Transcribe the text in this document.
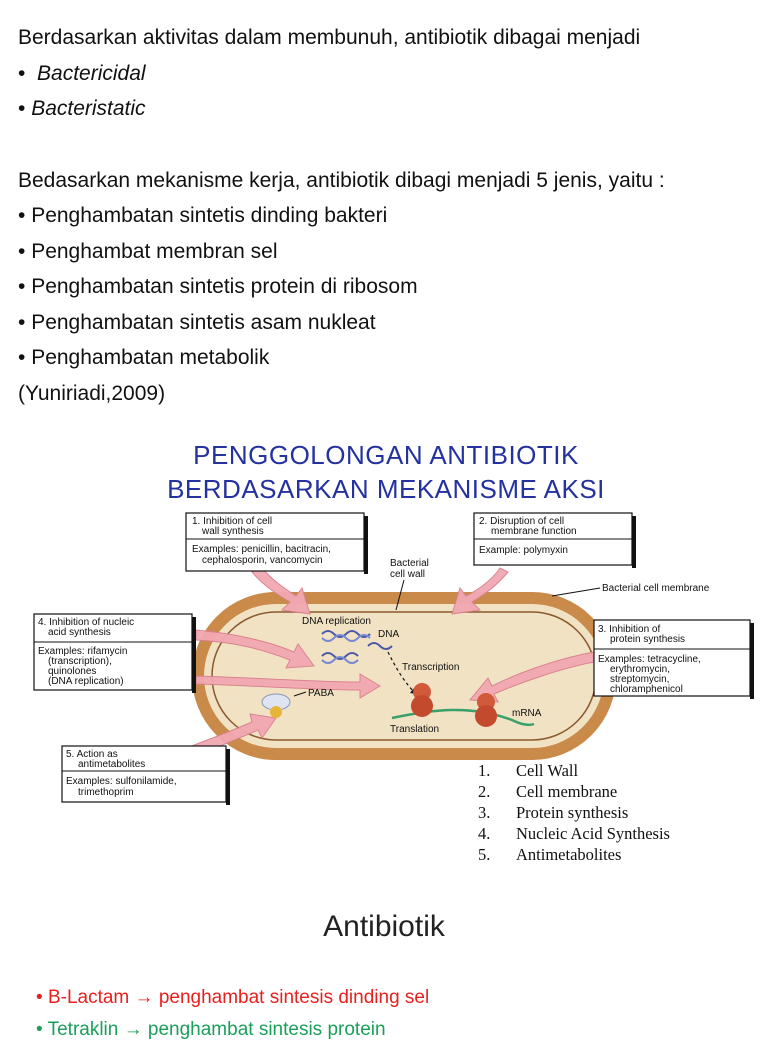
Berdasarkan aktivitas dalam membunuh, antibiotik dibagai menjadi
•  Bactericidal
• Bacteristatic
Bedasarkan mekanisme kerja, antibiotik dibagi menjadi 5 jenis, yaitu :
• Penghambatan sintetis dinding bakteri
• Penghambat membran sel
• Penghambatan sintetis protein di ribosom
• Penghambatan sintetis asam nukleat
• Penghambatan metabolik
(Yuniriadi,2009)
PENGGOLONGAN ANTIBIOTIK
BERDASARKAN MEKANISME AKSI
DNA replication
DNA
Transcription
PABA
mRNA
Translation
Bacterial
cell wall
Bacterial cell membrane
1. Inhibition of cell
wall synthesis
Examples: penicillin, bacitracin,
cephalosporin, vancomycin
2. Disruption of cell
membrane function
Example: polymyxin
3. Inhibition of
protein synthesis
Examples: tetracycline,
erythromycin,
streptomycin,
chloramphenicol
4. Inhibition of nucleic
acid synthesis
Examples: rifamycin
(transcription),
quinolones
(DNA replication)
5. Action as
antimetabolites
Examples: sulfonilamide,
trimethoprim
1. Cell Wall
2. Cell membrane
3. Protein synthesis
4. Nucleic Acid Synthesis
5. Antimetabolites
Antibiotik
• B-Lactam → penghambat sintesis dinding sel
• Tetraklin → penghambat sintesis protein
